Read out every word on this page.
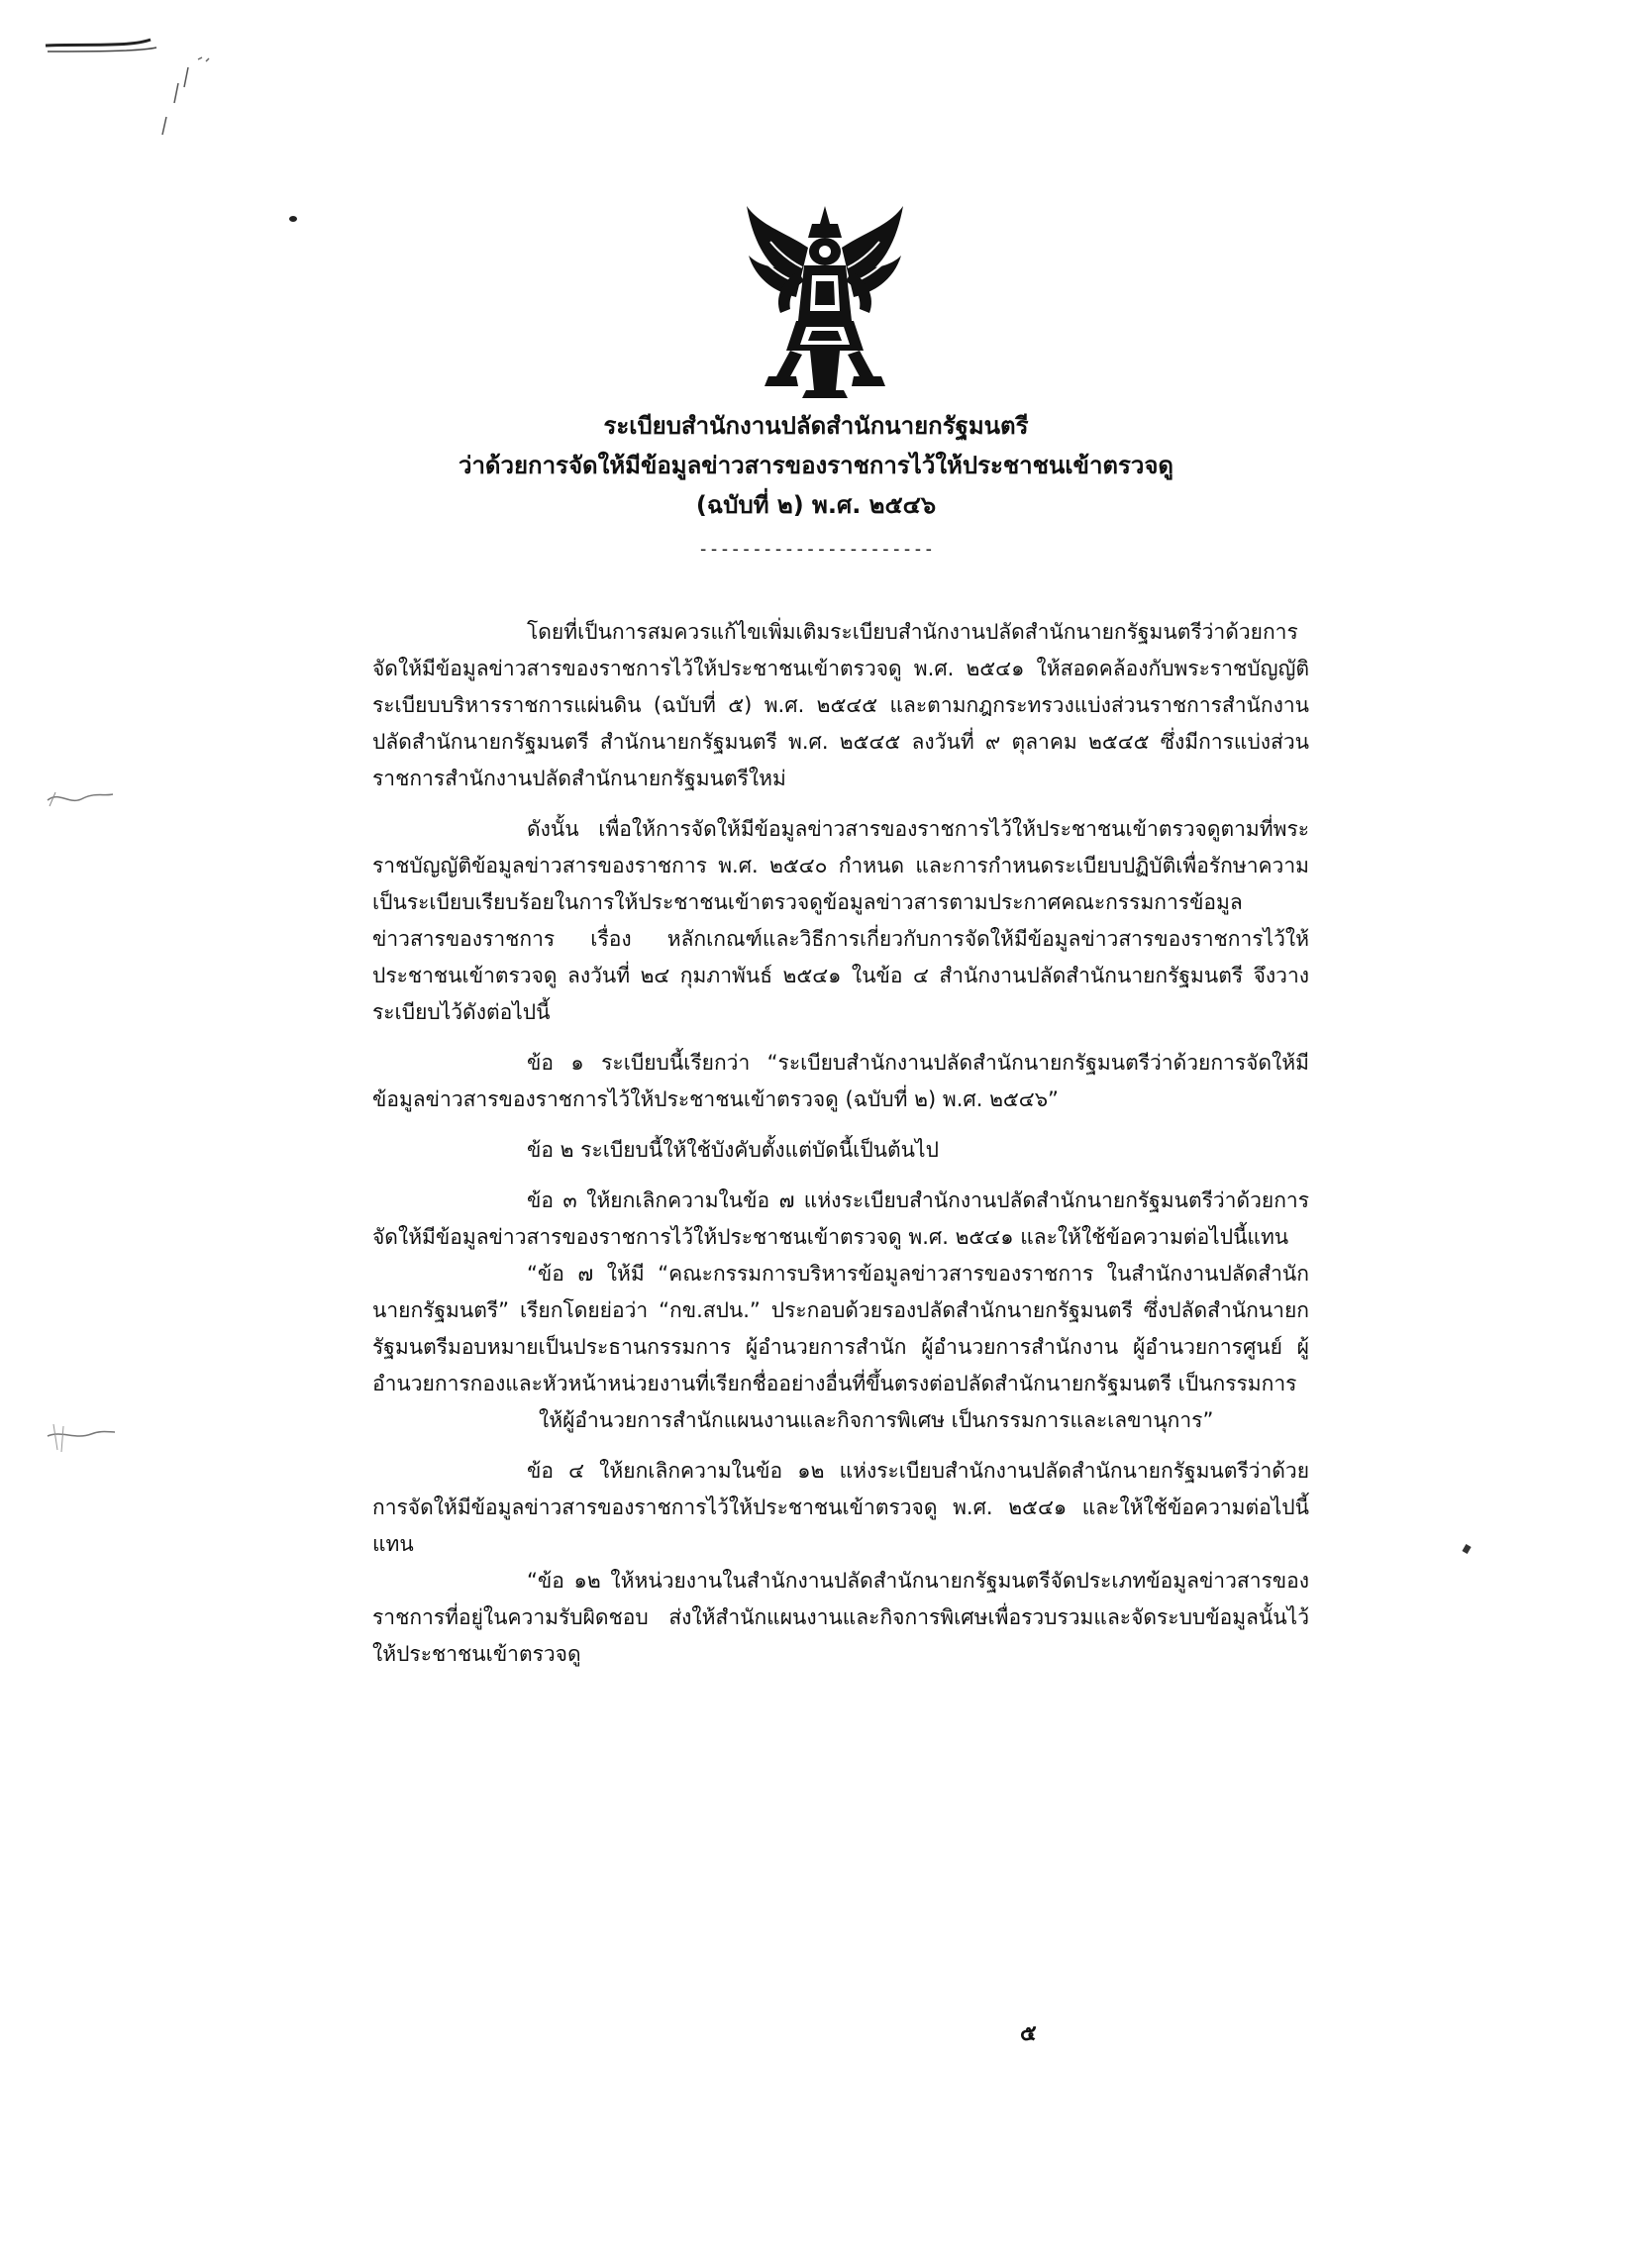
ระเบียบสำนักงานปลัดสำนักนายกรัฐมนตรี
ว่าด้วยการจัดให้มีข้อมูลข่าวสารของราชการไว้ให้ประชาชนเข้าตรวจดู
(ฉบับที่ ๒) พ.ศ. ๒๕๔๖
----------------------

โดยที่เป็นการสมควรแก้ไขเพิ่มเติมระเบียบสำนักงานปลัดสำนักนายกรัฐมนตรีว่าด้วยการจัดให้มีข้อมูลข่าวสารของราชการไว้ให้ประชาชนเข้าตรวจดู พ.ศ. ๒๕๔๑ ให้สอดคล้องกับพระราชบัญญัติระเบียบบริหารราชการแผ่นดิน (ฉบับที่ ๕) พ.ศ. ๒๕๔๕ และตามกฎกระทรวงแบ่งส่วนราชการสำนักงานปลัดสำนักนายกรัฐมนตรี สำนักนายกรัฐมนตรี พ.ศ. ๒๕๔๕ ลงวันที่ ๙ ตุลาคม ๒๕๔๕ ซึ่งมีการแบ่งส่วนราชการสำนักงานปลัดสำนักนายกรัฐมนตรีใหม่

ดังนั้น เพื่อให้การจัดให้มีข้อมูลข่าวสารของราชการไว้ให้ประชาชนเข้าตรวจดูตามที่พระราชบัญญัติข้อมูลข่าวสารของราชการ พ.ศ. ๒๕๔๐ กำหนด และการกำหนดระเบียบปฏิบัติเพื่อรักษาความเป็นระเบียบเรียบร้อยในการให้ประชาชนเข้าตรวจดูข้อมูลข่าวสารตามประกาศคณะกรรมการข้อมูลข่าวสารของราชการ เรื่อง หลักเกณฑ์และวิธีการเกี่ยวกับการจัดให้มีข้อมูลข่าวสารของราชการไว้ให้ประชาชนเข้าตรวจดู ลงวันที่ ๒๔ กุมภาพันธ์ ๒๕๔๑ ในข้อ ๔ สำนักงานปลัดสำนักนายกรัฐมนตรี จึงวางระเบียบไว้ดังต่อไปนี้

ข้อ ๑ ระเบียบนี้เรียกว่า “ระเบียบสำนักงานปลัดสำนักนายกรัฐมนตรีว่าด้วยการจัดให้มีข้อมูลข่าวสารของราชการไว้ให้ประชาชนเข้าตรวจดู (ฉบับที่ ๒) พ.ศ. ๒๕๔๖”

ข้อ ๒ ระเบียบนี้ให้ใช้บังคับตั้งแต่บัดนี้เป็นต้นไป

ข้อ ๓ ให้ยกเลิกความในข้อ ๗ แห่งระเบียบสำนักงานปลัดสำนักนายกรัฐมนตรีว่าด้วยการจัดให้มีข้อมูลข่าวสารของราชการไว้ให้ประชาชนเข้าตรวจดู พ.ศ. ๒๕๔๑ และให้ใช้ข้อความต่อไปนี้แทน

“ข้อ ๗ ให้มี “คณะกรรมการบริหารข้อมูลข่าวสารของราชการ ในสำนักงานปลัดสำนักนายกรัฐมนตรี” เรียกโดยย่อว่า “กข.สปน.” ประกอบด้วยรองปลัดสำนักนายกรัฐมนตรี ซึ่งปลัดสำนักนายกรัฐมนตรีมอบหมายเป็นประธานกรรมการ ผู้อำนวยการสำนัก ผู้อำนวยการสำนักงาน ผู้อำนวยการศูนย์ ผู้อำนวยการกองและหัวหน้าหน่วยงานที่เรียกชื่ออย่างอื่นที่ขึ้นตรงต่อปลัดสำนักนายกรัฐมนตรี เป็นกรรมการ

ให้ผู้อำนวยการสำนักแผนงานและกิจการพิเศษ เป็นกรรมการและเลขานุการ”

ข้อ ๔ ให้ยกเลิกความในข้อ ๑๒ แห่งระเบียบสำนักงานปลัดสำนักนายกรัฐมนตรีว่าด้วยการจัดให้มีข้อมูลข่าวสารของราชการไว้ให้ประชาชนเข้าตรวจดู พ.ศ. ๒๕๔๑ และให้ใช้ข้อความต่อไปนี้แทน

“ข้อ ๑๒ ให้หน่วยงานในสำนักงานปลัดสำนักนายกรัฐมนตรีจัดประเภทข้อมูลข่าวสารของราชการที่อยู่ในความรับผิดชอบ ส่งให้สำนักแผนงานและกิจการพิเศษเพื่อรวบรวมและจัดระบบข้อมูลนั้นไว้ให้ประชาชนเข้าตรวจดู

๕
